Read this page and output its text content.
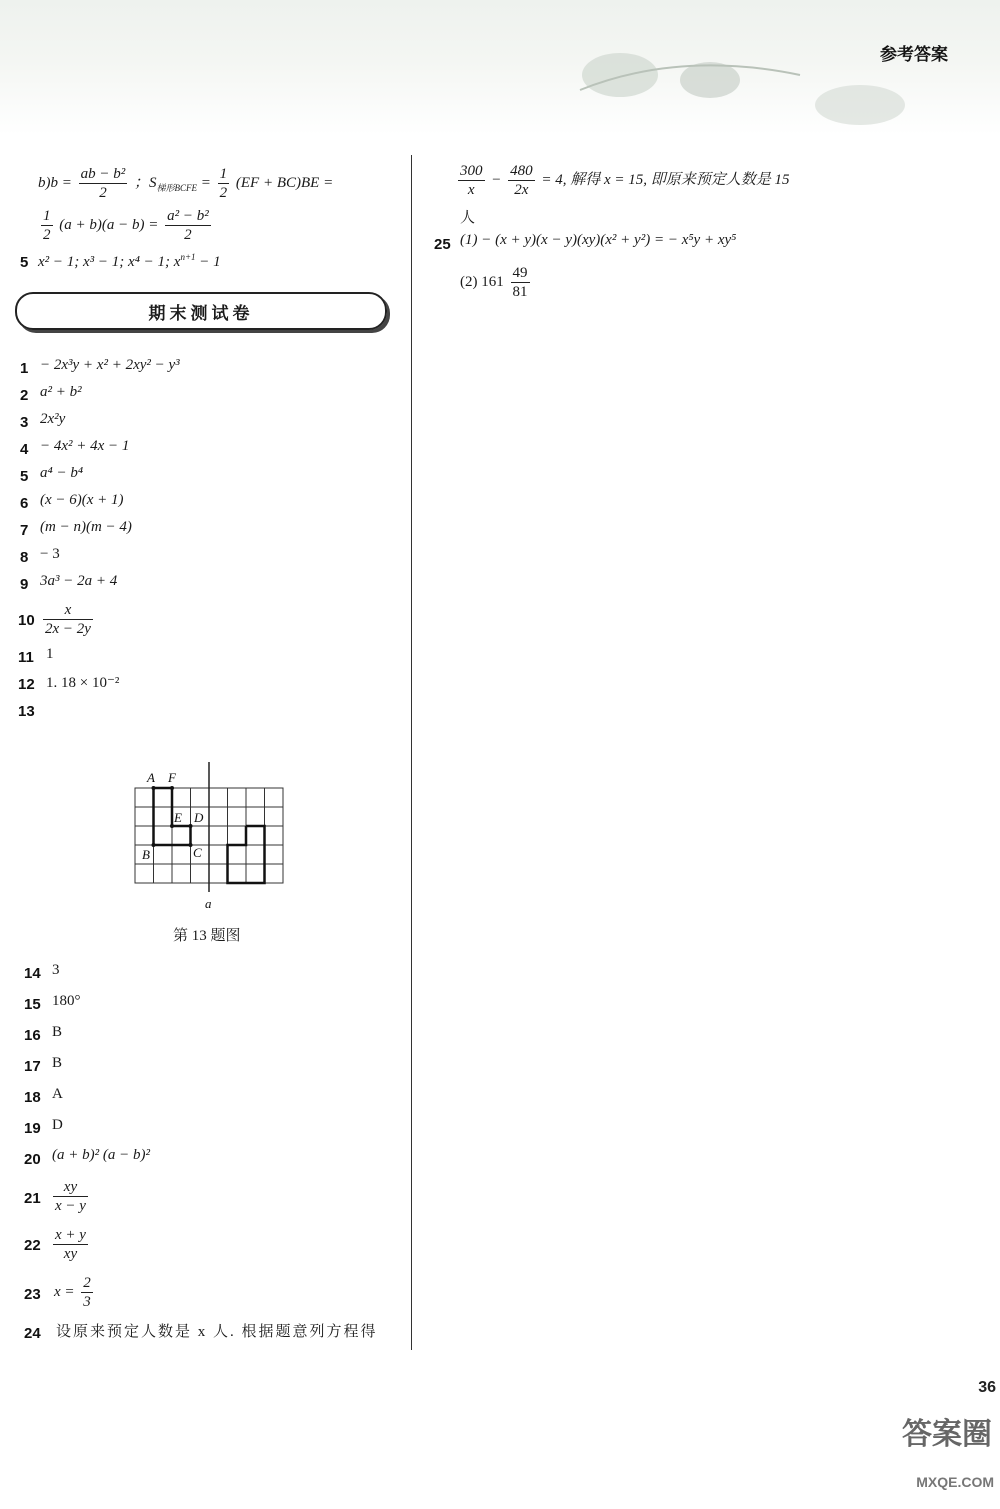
参考答案
$b)b = \frac{\text{ab − b²}}{2}$ ；$S_{梯形BCFE} = \frac{1}{2} (EF + BC)BE$ =
$\frac{1}{2} (a + b)(a - b) = \frac{\text{a² − b²}}{2}$
5 x² − 1; x³ − 1; x⁴ − 1; $x^{n+1} - 1$
期末测试卷
1 − 2x³y + x² + 2xy² − y³
2 a² + b²
3 2x²y
4 − 4x² + 4x − 1
5 a⁴ − b⁴
6 (x − 6)(x + 1)
7 (m − n)(m − 4)
8 − 3
9 3a³ − 2a + 4
$10 \frac{x}{2x - 2y}$
11 1
12 1. 18 × 10⁻²
13
A F
E D
B	C
a
第 13 题图
14 3
15 180°
16 B
17 B
18 A
19 D
20 (a + b)² (a − b)²
$21 \frac{xy}{x - y}$
$22 \frac{x + y}{xy}$
23 $x = \frac{2}{3}$
24 设原来预定人数是 x 人. 根据题意列方程得
$\frac{300}{x} - \frac{480}{2x} = 4$, 解得 x = 15, 即原来预定人数是 15
人
25 (1) − (x + y)(x − y)(xy)(x² + y²) = − x⁵y + xy⁵
(2) $161 \frac{49}{81}$
36
答案圈
MXQE.COM
